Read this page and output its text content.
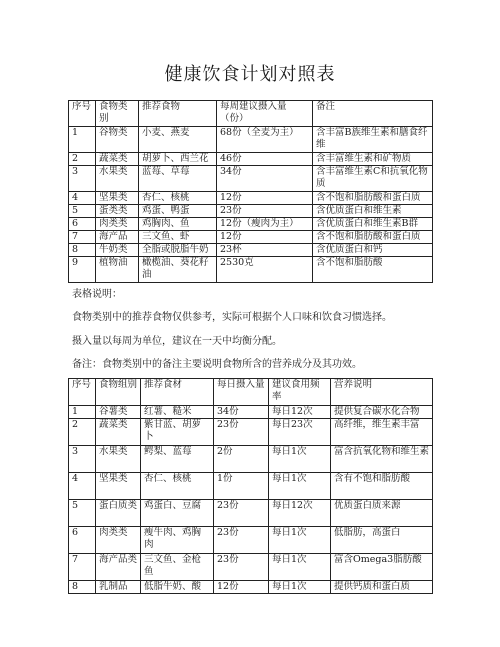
健康饮食计划对照表
序号	食物类别	推荐食物	每周建议摄入量（份）	备注
1	谷物类	小麦、燕麦	68份（全麦为主）	含丰富B族维生素和膳食纤维
2	蔬菜类	胡萝卜、西兰花	46份	含丰富维生素和矿物质
3	水果类	蓝莓、草莓	34份	含丰富维生素C和抗氧化物质
4	坚果类	杏仁、核桃	12份	含不饱和脂肪酸和蛋白质
5	蛋类类	鸡蛋、鸭蛋	23份	含优质蛋白和维生素
6	肉类类	鸡胸肉、鱼	12份（瘦肉为主）	含优质蛋白和维生素B群
7	海产品	三文鱼、虾	12份	含不饱和脂肪酸和蛋白质
8	牛奶类	全脂或脱脂牛奶	23杯	含优质蛋白和钙
9	植物油	橄榄油、葵花籽油	2530克	含不饱和脂肪酸
表格说明：
食物类别中的推荐食物仅供参考，实际可根据个人口味和饮食习惯选择。
摄入量以每周为单位，建议在一天中均衡分配。
备注：食物类别中的备注主要说明食物所含的营养成分及其功效。
序号	食物组别	推荐食材	每日摄入量	建议食用频率	营养说明
1	谷薯类	红薯、糙米	34份	每日12次	提供复合碳水化合物
2	蔬菜类	紫甘蓝、胡萝卜	23份	每日23次	高纤维，维生素丰富
3	水果类	鳄梨、蓝莓	2份	每日1次	富含抗氧化物和维生素
4	坚果类	杏仁、核桃	1份	每日1次	含有不饱和脂肪酸
5	蛋白质类	鸡蛋白、豆腐	23份	每日12次	优质蛋白质来源
6	肉类类	瘦牛肉、鸡胸肉	23份	每日1次	低脂肪，高蛋白
7	海产品类	三文鱼、金枪鱼	23份	每日1次	富含Omega3脂肪酸
8	乳制品	低脂牛奶、酸	12份	每日1次	提供钙质和蛋白质
